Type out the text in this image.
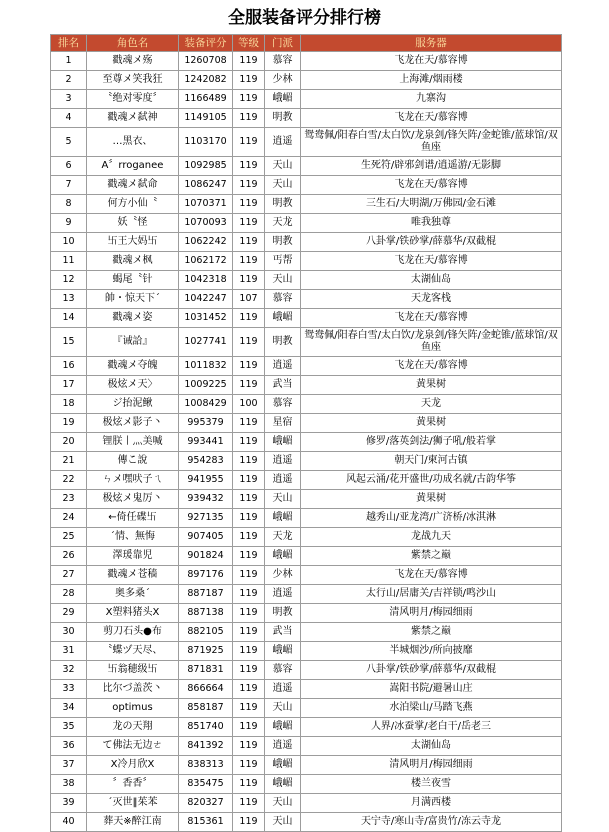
全服装备评分排行榜
排名	角色名	装备评分	等级	门派	服务器
1	戳魂メ殇	1260708	119	慕容	飞龙在天/慕容博
2	至尊メ笑我狂	1242082	119	少林	上海滩/烟雨楼
3	〝绝对零度〞	1166489	119	峨嵋	九寨沟
4	戳魂メ弑神	1149105	119	明教	飞龙在天/慕容博
5	…黑衣、	1103170	119	逍遥	鸳鸯佩/阳春白雪/太白饮/龙泉剑/锋矢阵/金蛇锥/蓝球馆/双鱼座
6	A〞rroganee	1092985	119	天山	生死符/辟邪剑谱/逍遥游/无影脚
7	戳魂メ弑命	1086247	119	天山	飞龙在天/慕容博
8	何方小仙〝	1070371	119	明教	三生石/大明湖/万佛园/金石滩
9	妖〝怪	1070093	119	天龙	唯我独尊
10	卐王大妈卐	1062242	119	明教	八卦掌/铁砂掌/薛慕华/双截棍
11	戳魂メ枫	1062172	119	丐帮	飞龙在天/慕容博
12	蝎尾〝针	1042318	119	天山	太湖仙岛
13	帥・惊天下ˊ	1042247	107	慕容	天龙客栈
14	戳魂メ姿	1031452	119	峨嵋	飞龙在天/慕容博
15	『诫詥』	1027741	119	明教	鸳鸯佩/阳春白雪/太白饮/龙泉剑/锋矢阵/金蛇锥/蓝球馆/双鱼座
16	戳魂メ夺魄	1011832	119	逍遥	飞龙在天/慕容博
17	极炫メ天〉	1009225	119	武当	黄果树
18	ジ抬泥鳅	1008429	100	慕容	天龙
19	极炫メ影子丶	995379	119	星宿	黄果树
20	锂朕丨灬美喊	993441	119	峨嵋	修罗/落英剑法/狮子吼/般若掌
21	傳こ說	954283	119	逍遥	朝天门/柬河古镇
22	ㄣメ嘿吠子ㄟ	941955	119	逍遥	风起云涌/花开盛世/功成名就/古韵华筝
23	极炫メ鬼厉丶	939432	119	天山	黄果树
24	←倚任碟卐	927135	119	峨嵋	越秀山/亚龙湾/广济桥/冰淇淋
25	ˊ情、無悔	907405	119	天龙	龙战九天
26	澤瑗靠児	901824	119	峨嵋	紫禁之巅
27	戳魂メ苍穑	897176	119	少林	飞龙在天/慕容博
28	奥多桑ˊ	887187	119	逍遥	太行山/居庸关/吉祥锁/鸣沙山
29	Ⅹ塑料猪头Ⅹ	887138	119	明教	清风明月/梅园细雨
30	剪刀石头●布	882105	119	武当	紫禁之巅
31	〝蝶ヅ天尽、	871925	119	峨嵋	半城烟沙/所向披靡
32	卐翁穂级卐	871831	119	慕容	八卦掌/铁砂掌/薛慕华/双截棍
33	比尔づ盖茨丶	866664	119	逍遥	嵩阳书院/避暑山庄
34	optimus	858187	119	天山	水泊梁山/马踏飞燕
35	龙の天翔	851740	119	峨嵋	人界/冰蚕掌/老白干/岳老三
36	て佛法无边ㄜ	841392	119	逍遥	太湖仙岛
37	Ⅹ冷月欣Ⅹ	838313	119	峨嵋	清风明月/梅园细雨
38	〞香香〞	835475	119	峨嵋	楼兰夜雪
39	ˊ灭世‖茱苯	820327	119	天山	月满西楼
40	葬天※醉江南	815361	119	天山	天宁寺/寒山寺/富贵竹/冻云寺龙
